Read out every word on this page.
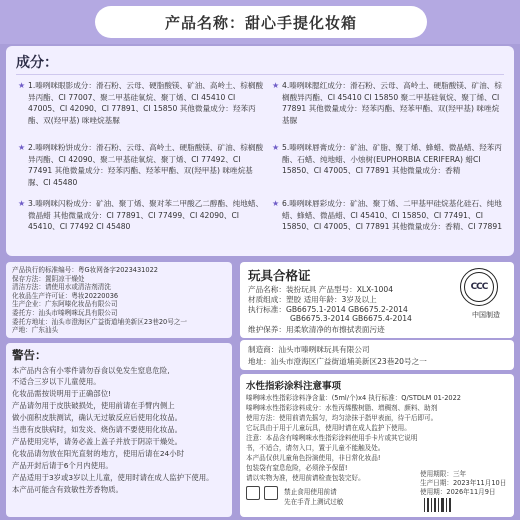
产品名称：甜心手提化妆箱
成分：
★ 1.嗪咧咪眼影成分：滑石粉、云母、硬脂酸镁、矿油、高岭土、棕榈酸异丙酯、CI 77007、聚二甲基硅氧烷、聚丁烯、CI 45410 CI 47005、CI 42090、CI 77891、CI 15850 其他微量成分：羟苯丙酯、双(羟甲基) 咪唑烷基脲
★ 2.嗪咧咪粉饼成分：滑石粉、云母、高岭土、硬脂酸镁、矿油、棕榈酸异丙酯、CI 42090、聚二甲基硅氧烷、聚丁烯、CI 77492、CI 77491 其他微量成分：羟苯丙酯、羟苯甲酯、双(羟甲基) 咪唑烷基脲、CI 45480
★ 3.嗪咧咪闪粉成分：矿油、聚丁烯、聚对苯二甲酸乙二醇酯、纯地蜡、微晶蜡 其他微量成分：CI 77891、CI 77499、CI 42090、CI 45410、CI 77492 CI 45480
★ 4.嗪咧咪腮红成分：滑石粉、云母、高岭土、硬脂酸镁、矿油、棕榈酸异丙酯、CI 45410 CI 15850 聚二甲基硅氧烷、聚丁烯、CI 77891 其他微量成分：羟苯丙酯、羟苯甲酯、双(羟甲基) 咪唑烷基脲
★ 5.嗪咧咪唇膏成分：矿油、矿脂、聚丁烯、蜂蜡、微晶蜡、羟苯丙酯、石蜡、纯地蜡、小烛树(EUPHORBIA CERIFERA) 蜡CI 15850、CI 47005、CI 77891 其他微量成分：香精
★ 6.嗪咧咪唇彩成分：矿油、聚丁烯、二甲基甲硅烷基化硅石、纯地蜡、蜂蜡、微晶蜡、CI 45410、CI 15850、CI 77491、CI 15850、CI 47005、CI 77891 其他微量成分：香精、CI 77891

产品执行的标准编号：粤G妆网备字2023431022

保存方法：置阴凉干燥处

清洁方法：请使用水或清洁剂清洗

化妆品生产许可证：粤妆20220036

生产企业：广东阿嗪化妆品有限公司

委托方：汕头市嗪咧咪玩具有限公司

委托方地址：汕头市澄海区广益街道埔美新区23巷20号之一

产地：广东汕头

玩具合格证
产品名称：装扮玩具 产品型号：XLX-1004
材质组成：塑胶 适用年龄：3岁及以上
执行标准：GB6675.1-2014 GB6675.2-2014
GB6675.3-2014 GB6675.4-2014
维护保养：用柔软清净的布擦拭表面污迹
CCC
中国制造
制造商：汕头市嗪咧咪玩具有限公司
地址：汕头市澄海区广益街道埔美新区23巷20号之一
警告：
本产品内含有小零件请勿吞食以免发生窒息危险,
不适合三岁以下儿童使用。
化妆品需按说明用于正确部位!
产品请勿用于皮肤破损处，使用前请在手臂内侧上
做小面积皮肤测试，确认无过敏反应后使用化妆品。
当患有皮肤病时，如发炎、烧伤请不要使用化妆品。
产品使用完毕，请务必盖上盖子并放于阴凉干燥处。
化妆品请勿放在阳光直射的地方，使用后请在24小时
产品开封后请于6个月内使用。
产品适用于3岁或3岁以上儿童，使用时请在成人监护下使用。
本产品可能含有致敏性芳香物质。
水性指彩涂料注意事项
嗪咧咪水性指彩涂料净含量：(5ml/个)x4 执行标准：Q/STDLM 01-2022
嗪咧咪水性指彩涂料成分：水性丙烯酸树脂、增稠剂、颜料、助剂
使用方法：使用前请先摇匀，均匀涂抹于指甲表面，待干后即可。
它玩具由于用于儿童玩具，使用时请在成人监护下使用。
注意：本品含有嗪咧咪水性指彩涂料使用手卡片或其它说明
书，不适合，请勿入口，置于儿童不能触及处。
本产品仅供儿童角色扮演使用，非日常化妆品!
包装袋有窒息危险，必须徐予保留!
请以实物为准，使用前请检查包装完好。	使用期限：三年
生产日期：2023年11月10日
使用期：2026年11月9日
禁止食用使用前请
先在手背上测试过敏
